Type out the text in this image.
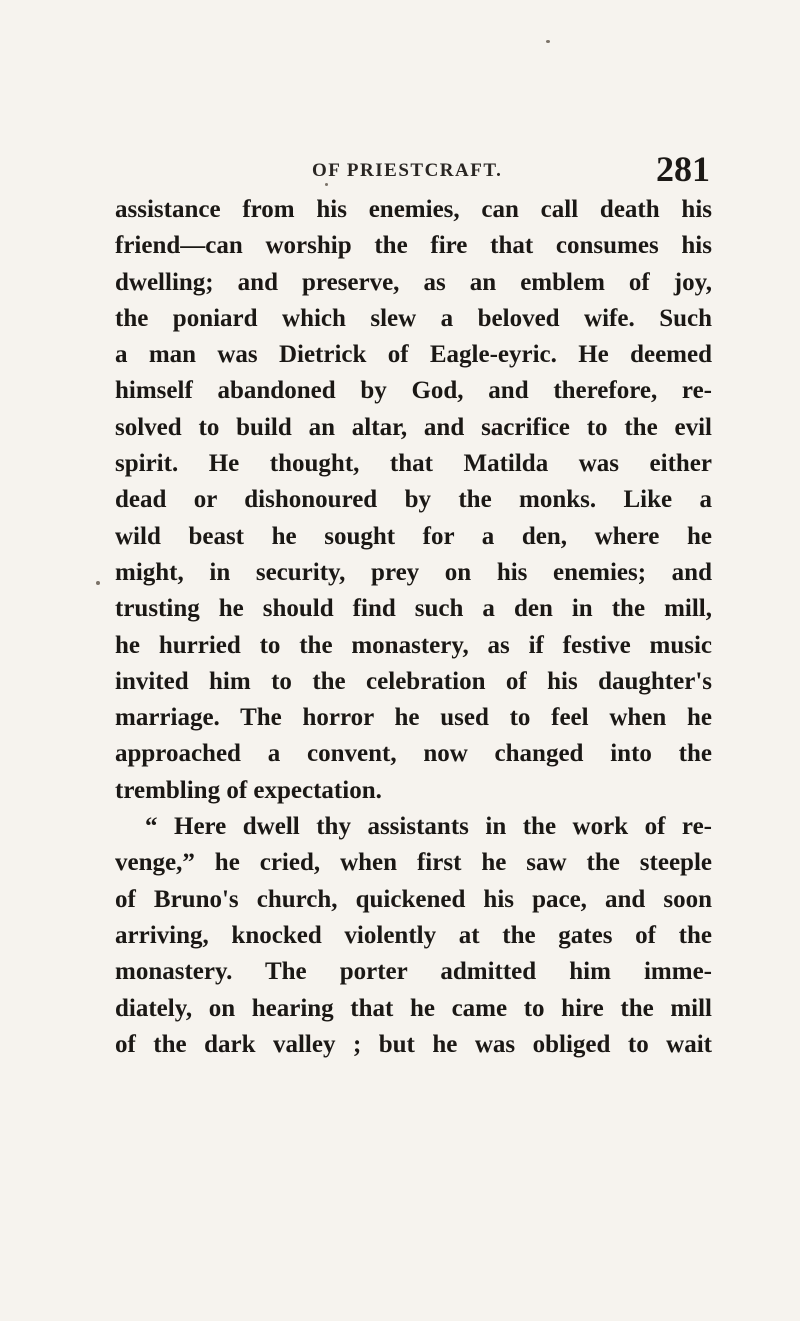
OF PRIESTCRAFT.	281
assistance from his enemies, can call death his
friend—can worship the fire that consumes his
dwelling; and preserve, as an emblem of joy,
the poniard which slew a beloved wife. Such
a man was Dietrick of Eagle-eyric. He deemed
himself abandoned by God, and therefore, re-
solved to build an altar, and sacrifice to the evil
spirit. He thought, that Matilda was either
dead or dishonoured by the monks. Like a
wild beast he sought for a den, where he
might, in security, prey on his enemies; and
trusting he should find such a den in the mill,
he hurried to the monastery, as if festive music
invited him to the celebration of his daughter's
marriage. The horror he used to feel when he
approached a convent, now changed into the
trembling of expectation.
“ Here dwell thy assistants in the work of re-
venge,” he cried, when first he saw the steeple
of Bruno's church, quickened his pace, and soon
arriving, knocked violently at the gates of the
monastery. The porter admitted him imme-
diately, on hearing that he came to hire the mill
of the dark valley ; but he was obliged to wait
